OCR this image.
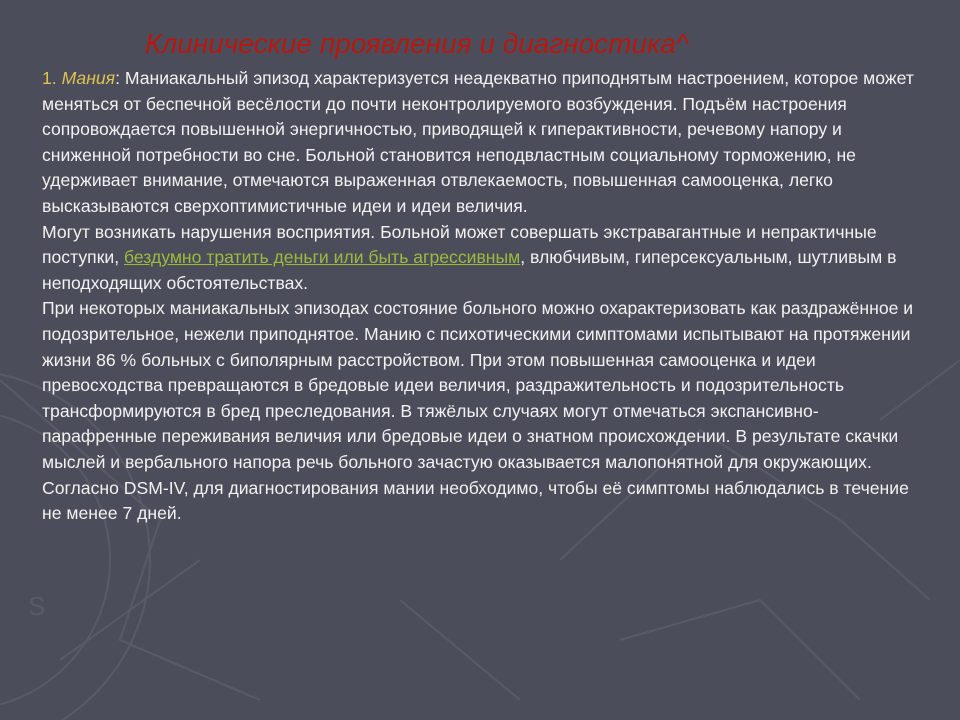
S
Клинические проявления и диагностика^

1. Мания: Маниакальный эпизод характеризуется неадекватно приподнятым настроением, которое может меняться от беспечной весёлости до почти неконтролируемого возбуждения. Подъём настроения сопровождается повышенной энергичностью, приводящей к гиперактивности, речевому напору и сниженной потребности во сне. Больной становится неподвластным социальному торможению, не удерживает внимание, отмечаются выраженная отвлекаемость, повышенная самооценка, легко высказываются сверхоптимистичные идеи и идеи величия.

Могут возникать нарушения восприятия. Больной может совершать экстравагантные и непрактичные поступки, бездумно тратить деньги или быть агрессивным, влюбчивым, гиперсексуальным, шутливым в неподходящих обстоятельствах.

При некоторых маниакальных эпизодах состояние больного можно охарактеризовать как раздражённое и подозрительное, нежели приподнятое. Манию с психотическими симптомами испытывают на протяжении жизни 86 % больных с биполярным расстройством. При этом повышенная самооценка и идеи превосходства превращаются в бредовые идеи величия, раздражительность и подозрительность трансформируются в бред преследования. В тяжёлых случаях могут отмечаться экспансивно-парафренные переживания величия или бредовые идеи о знатном происхождении. В результате скачки мыслей и вербального напора речь больного зачастую оказывается малопонятной для окружающих. Согласно DSM-IV, для диагностирования мании необходимо, чтобы её симптомы наблюдались в течение не менее 7 дней.
